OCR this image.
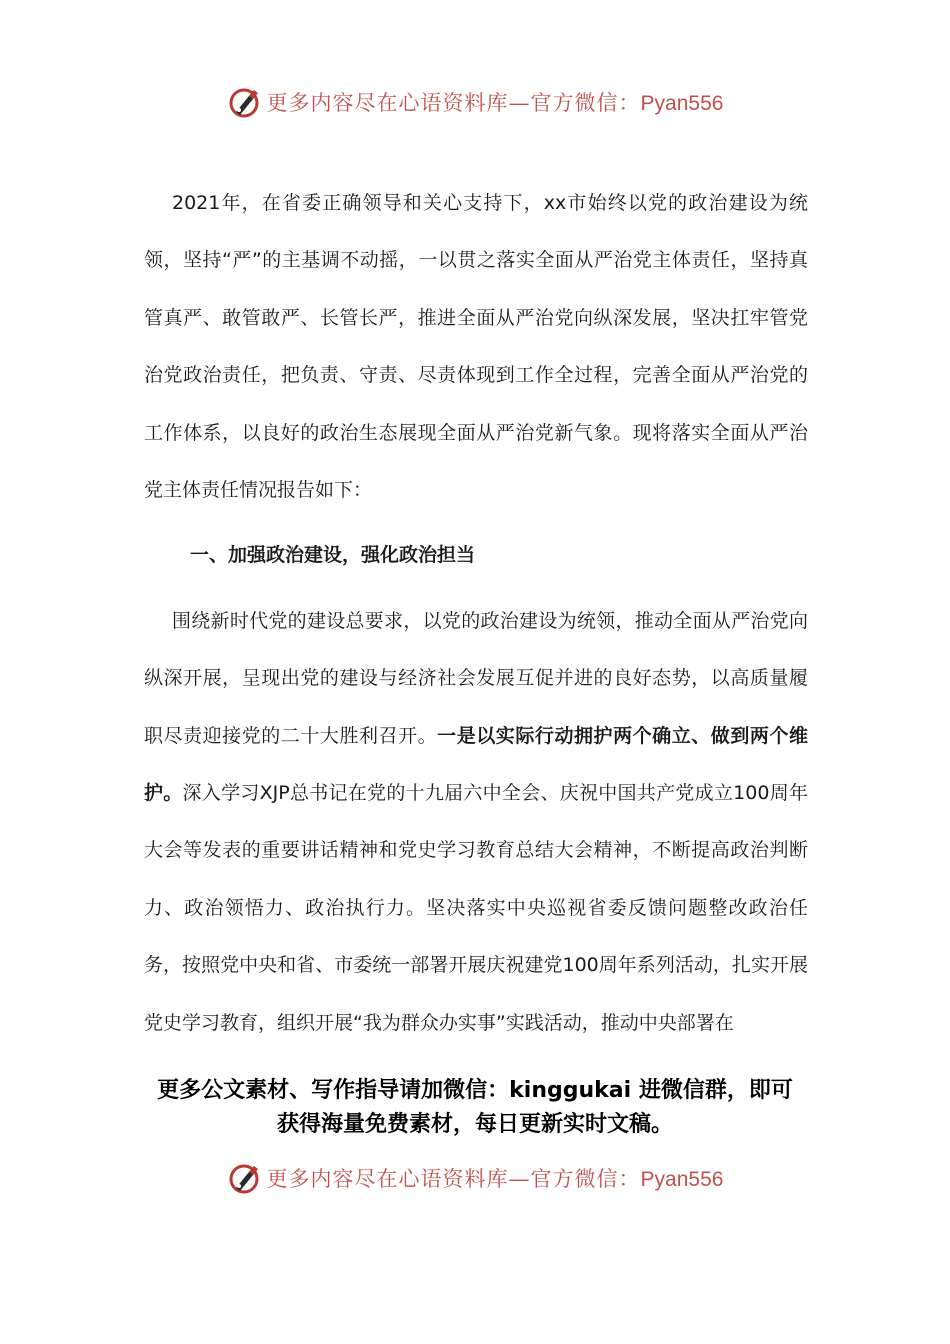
更多内容尽在心语资料库—官方微信：Pyan556

2021年，在省委正确领导和关心支持下，xx市始终以党的政治建设为统领，坚持“严”的主基调不动摇，一以贯之落实全面从严治党主体责任，坚持真管真严、敢管敢严、长管长严，推进全面从严治党向纵深发展，坚决扛牢管党治党政治责任，把负责、守责、尽责体现到工作全过程，完善全面从严治党的工作体系，以良好的政治生态展现全面从严治党新气象。现将落实全面从严治党主体责任情况报告如下：

一、加强政治建设，强化政治担当

围绕新时代党的建设总要求，以党的政治建设为统领，推动全面从严治党向纵深开展，呈现出党的建设与经济社会发展互促并进的良好态势，以高质量履职尽责迎接党的二十大胜利召开。一是以实际行动拥护两个确立、做到两个维护。深入学习XJP总书记在党的十九届六中全会、庆祝中国共产党成立100周年大会等发表的重要讲话精神和党史学习教育总结大会精神，不断提高政治判断力、政治领悟力、政治执行力。坚决落实中央巡视省委反馈问题整改政治任务，按照党中央和省、市委统一部署开展庆祝建党100周年系列活动，扎实开展党史学习教育，组织开展“我为群众办实事”实践活动，推动中央部署在

更多公文素材、写作指导请加微信：kinggukai 进微信群，即可
获得海量免费素材，每日更新实时文稿。
更多内容尽在心语资料库—官方微信：Pyan556
